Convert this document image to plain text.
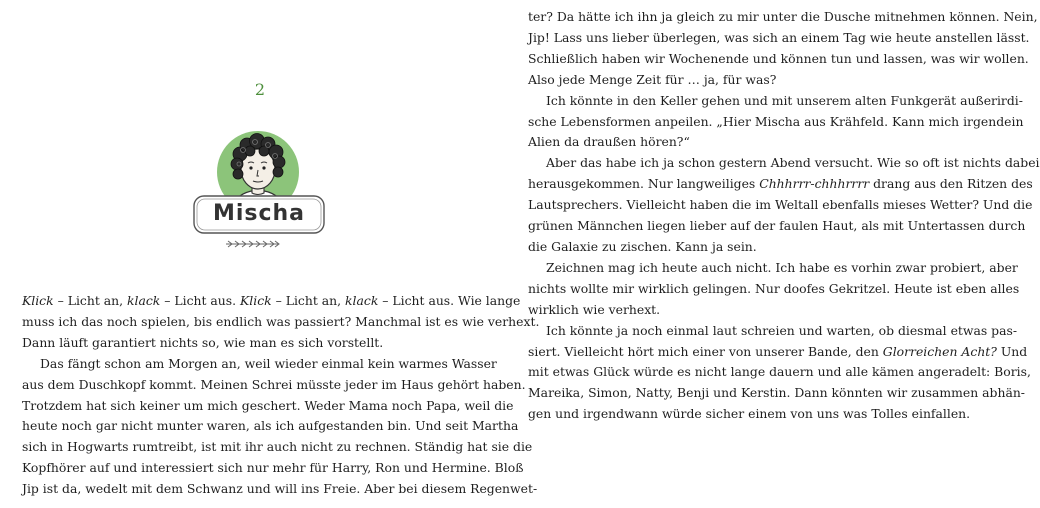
2
Mischa
Klick – Licht an, klack – Licht aus. Klick – Licht an, klack – Licht aus. Wie lange
muss ich das noch spielen, bis endlich was passiert? Manchmal ist es wie verhext.
Dann läuft garantiert nichts so, wie man es sich vorstellt.
Das fängt schon am Morgen an, weil wieder einmal kein warmes Wasser
aus dem Duschkopf kommt. Meinen Schrei müsste jeder im Haus gehört haben.
Trotzdem hat sich keiner um mich geschert. Weder Mama noch Papa, weil die
heute noch gar nicht munter waren, als ich aufgestanden bin. Und seit Martha
sich in Hogwarts rumtreibt, ist mit ihr auch nicht zu rechnen. Ständig hat sie die
Kopfhörer auf und interessiert sich nur mehr für Harry, Ron und Hermine. Bloß
Jip ist da, wedelt mit dem Schwanz und will ins Freie. Aber bei diesem Regenwet-
ter? Da hätte ich ihn ja gleich zu mir unter die Dusche mitnehmen können. Nein,
Jip! Lass uns lieber überlegen, was sich an einem Tag wie heute anstellen lässt.
Schließlich haben wir Wochenende und können tun und lassen, was wir wollen.
Also jede Menge Zeit für … ja, für was?
Ich könnte in den Keller gehen und mit unserem alten Funkgerät außerirdi-
sche Lebensformen anpeilen. „Hier Mischa aus Krähfeld. Kann mich irgendein
Alien da draußen hören?“
Aber das habe ich ja schon gestern Abend versucht. Wie so oft ist nichts dabei
herausgekommen. Nur langweiliges Chhhrrr-chhhrrrr drang aus den Ritzen des
Lautsprechers. Vielleicht haben die im Weltall ebenfalls mieses Wetter? Und die
grünen Männchen liegen lieber auf der faulen Haut, als mit Untertassen durch
die Galaxie zu zischen. Kann ja sein.
Zeichnen mag ich heute auch nicht. Ich habe es vorhin zwar probiert, aber
nichts wollte mir wirklich gelingen. Nur doofes Gekritzel. Heute ist eben alles
wirklich wie verhext.
Ich könnte ja noch einmal laut schreien und warten, ob diesmal etwas pas-
siert. Vielleicht hört mich einer von unserer Bande, den Glorreichen Acht? Und
mit etwas Glück würde es nicht lange dauern und alle kämen angeradelt: Boris,
Mareika, Simon, Natty, Benji und Kerstin. Dann könnten wir zusammen abhän-
gen und irgendwann würde sicher einem von uns was Tolles einfallen.
